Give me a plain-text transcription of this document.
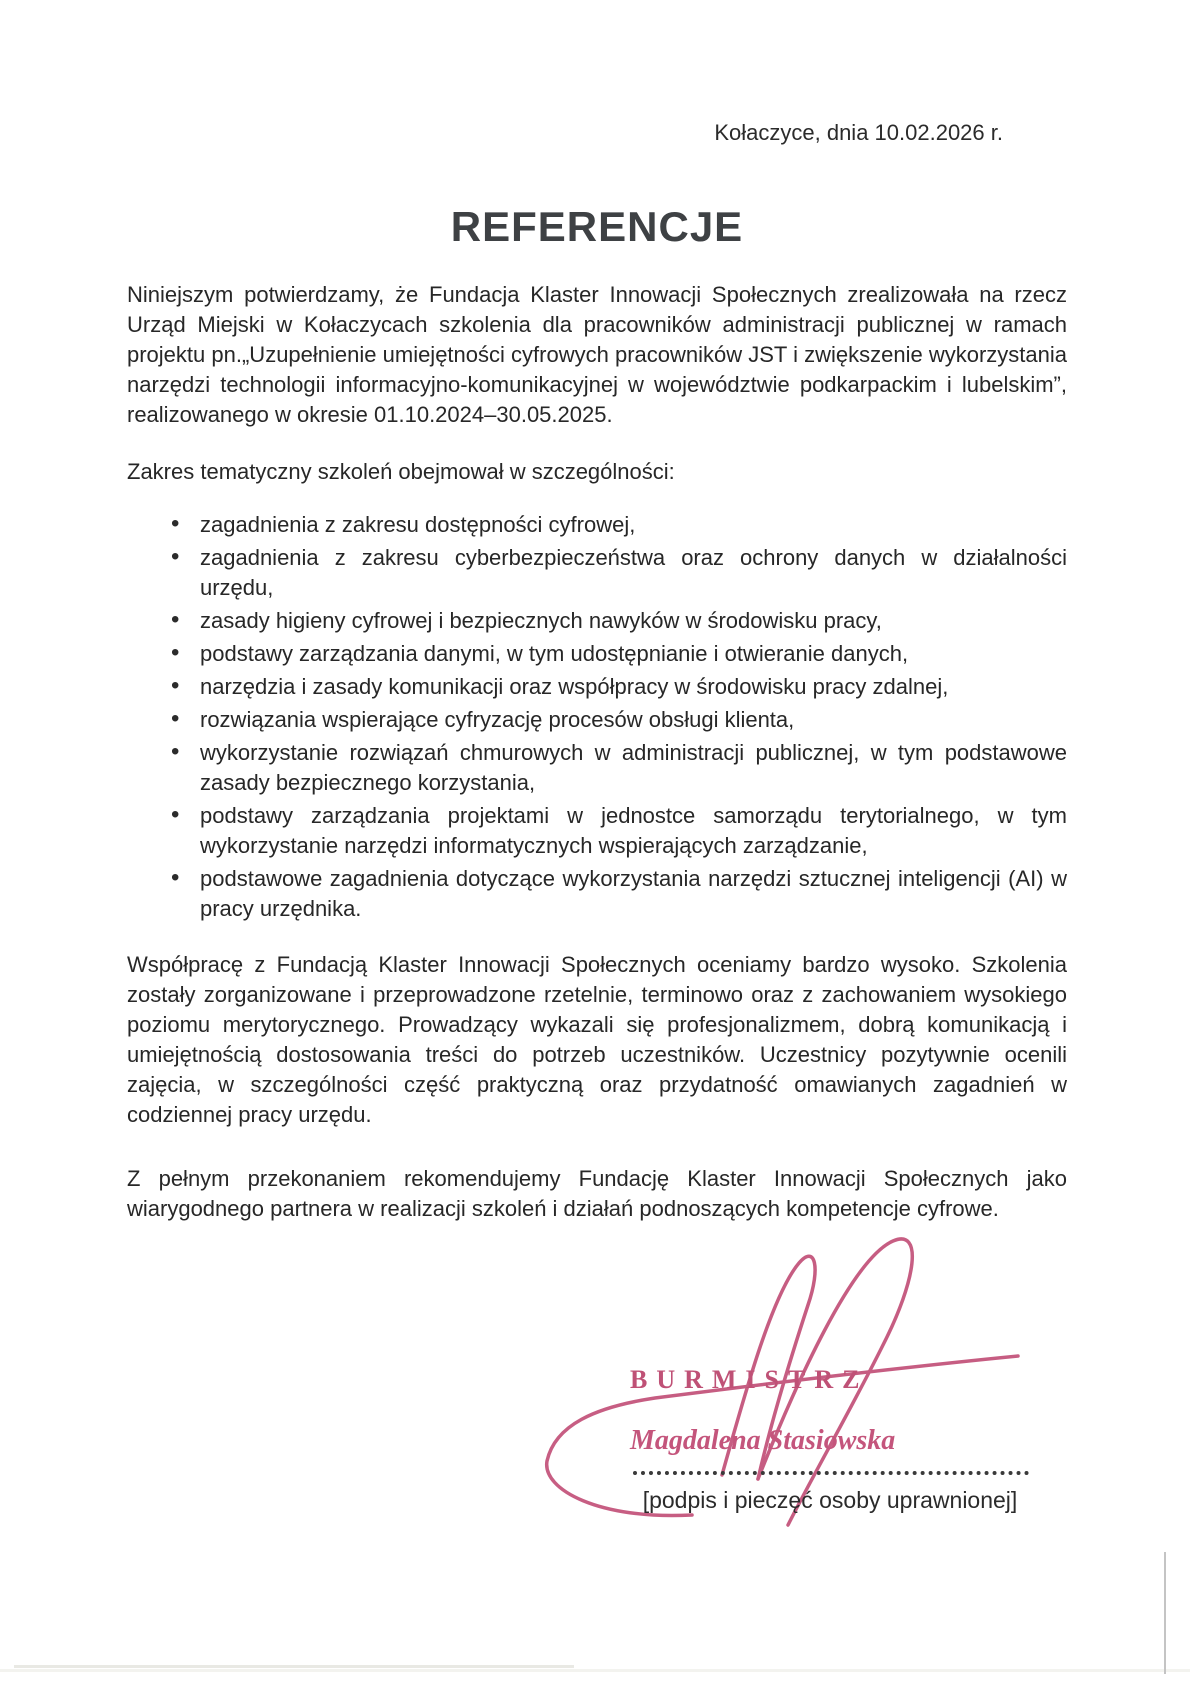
Kołaczyce, dnia 10.02.2026 r.
REFERENCJE

Niniejszym potwierdzamy, że Fundacja Klaster Innowacji Społecznych zrealizowała na rzecz Urząd Miejski w Kołaczycach szkolenia dla pracowników administracji publicznej w ramach projektu pn.„Uzupełnienie umiejętności cyfrowych pracowników JST i zwiększenie wykorzystania narzędzi technologii informacyjno-komunikacyjnej w województwie podkarpackim i lubelskim”, realizowanego w okresie 01.10.2024–30.05.2025.

Zakres tematyczny szkoleń obejmował w szczególności:

• zagadnienia z zakresu dostępności cyfrowej,
• zagadnienia z zakresu cyberbezpieczeństwa oraz ochrony danych w działalności urzędu,
• zasady higieny cyfrowej i bezpiecznych nawyków w środowisku pracy,
• podstawy zarządzania danymi, w tym udostępnianie i otwieranie danych,
• narzędzia i zasady komunikacji oraz współpracy w środowisku pracy zdalnej,
• rozwiązania wspierające cyfryzację procesów obsługi klienta,
• wykorzystanie rozwiązań chmurowych w administracji publicznej, w tym podstawowe zasady bezpiecznego korzystania,
• podstawy zarządzania projektami w jednostce samorządu terytorialnego, w tym wykorzystanie narzędzi informatycznych wspierających zarządzanie,
• podstawowe zagadnienia dotyczące wykorzystania narzędzi sztucznej inteligencji (AI) w pracy urzędnika.

Współpracę z Fundacją Klaster Innowacji Społecznych oceniamy bardzo wysoko. Szkolenia zostały zorganizowane i przeprowadzone rzetelnie, terminowo oraz z zachowaniem wysokiego poziomu merytorycznego. Prowadzący wykazali się profesjonalizmem, dobrą komunikacją i umiejętnością dostosowania treści do potrzeb uczestników. Uczestnicy pozytywnie ocenili zajęcia, w szczególności część praktyczną oraz przydatność omawianych zagadnień w codziennej pracy urzędu.

Z pełnym przekonaniem rekomendujemy Fundację Klaster Innowacji Społecznych jako wiarygodnego partnera w realizacji szkoleń i działań podnoszących kompetencje cyfrowe.

BURMISTRZ
Magdalena Stasiowska
[podpis i pieczęć osoby uprawnionej]
